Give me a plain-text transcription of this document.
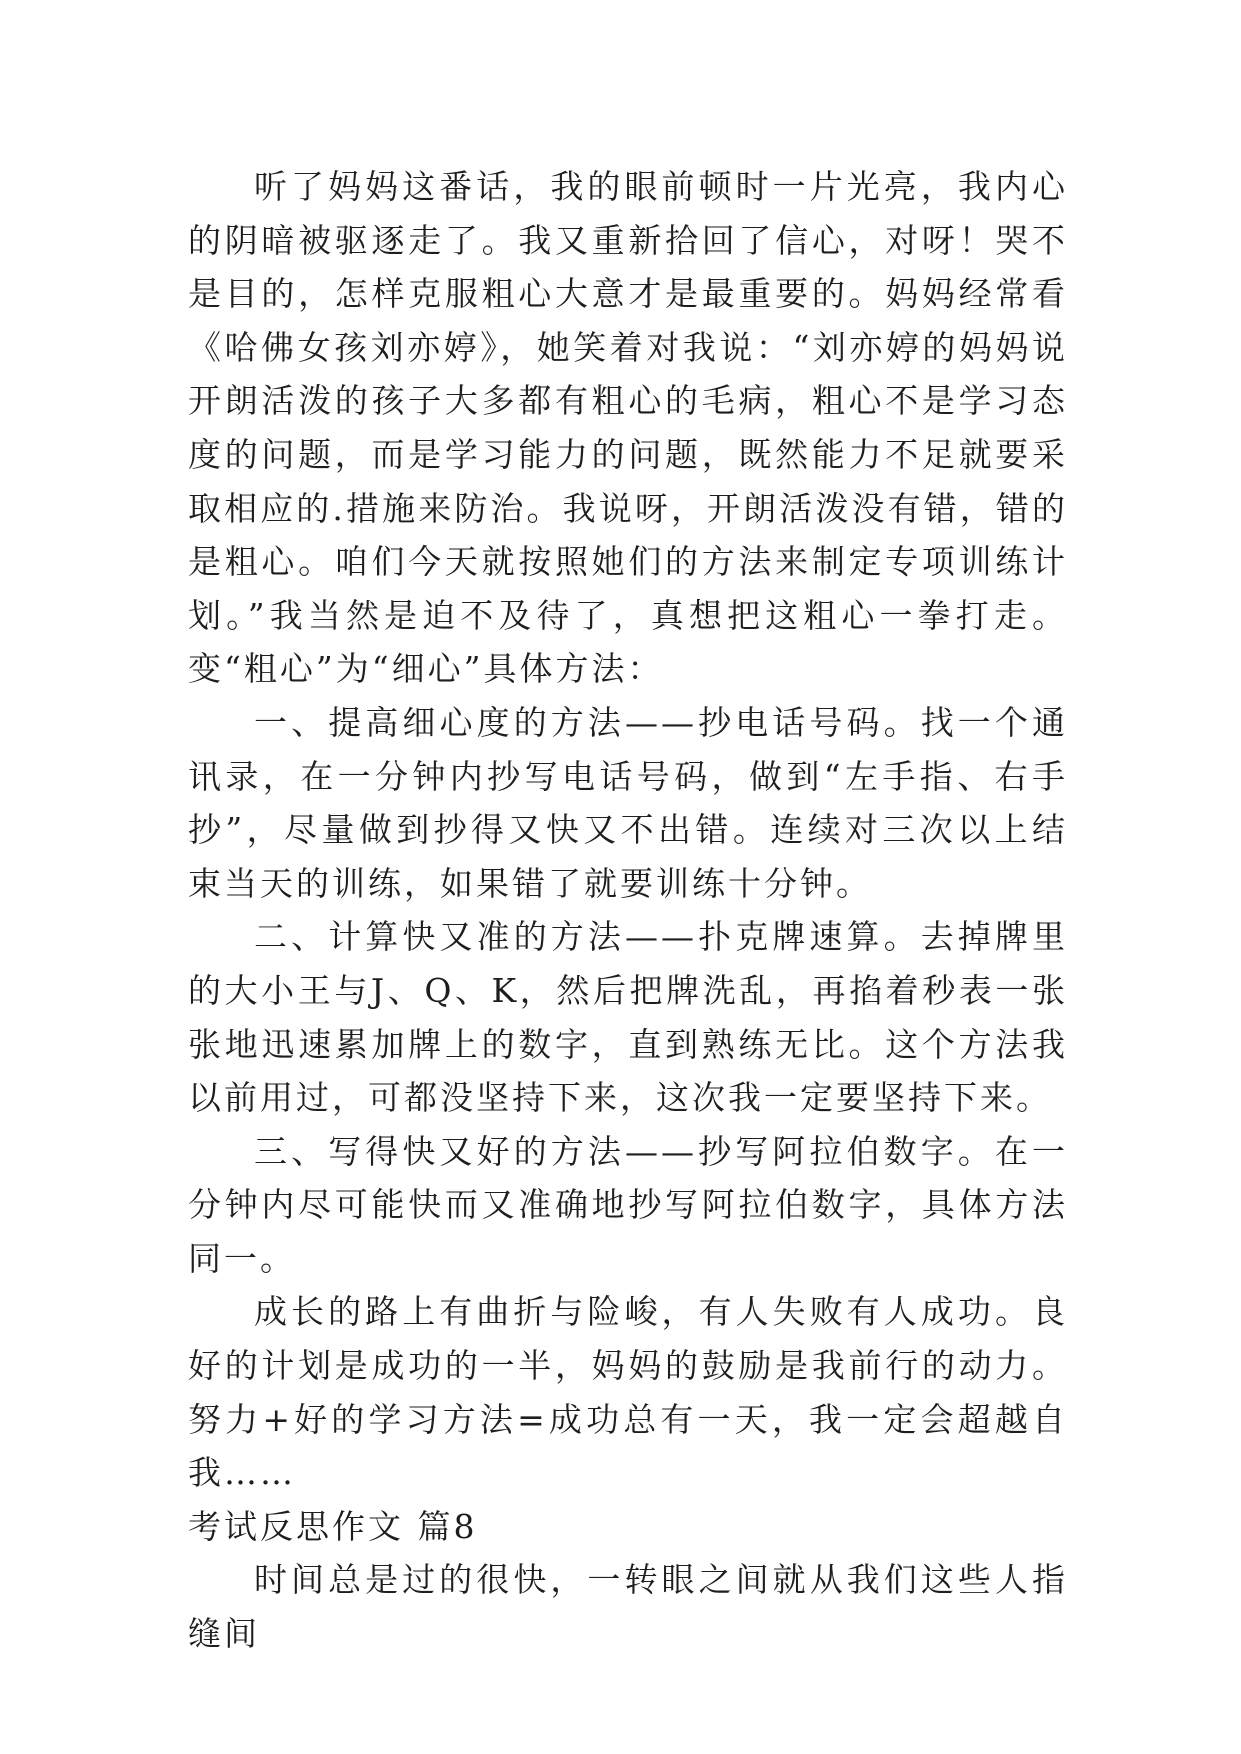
听了妈妈这番话，我的眼前顿时一片光亮，我内心的阴暗被驱逐走了。我又重新拾回了信心，对呀！哭不是目的，怎样克服粗心大意才是最重要的。妈妈经常看《哈佛女孩刘亦婷》，她笑着对我说：“刘亦婷的妈妈说开朗活泼的孩子大多都有粗心的毛病，粗心不是学习态度的问题，而是学习能力的问题，既然能力不足就要采取相应的.措施来防治。我说呀，开朗活泼没有错，错的是粗心。咱们今天就按照她们的方法来制定专项训练计划。”我当然是迫不及待了，真想把这粗心一拳打走。变“粗心”为“细心”具体方法：

一、提高细心度的方法——抄电话号码。找一个通讯录，在一分钟内抄写电话号码，做到“左手指、右手抄”，尽量做到抄得又快又不出错。连续对三次以上结束当天的训练，如果错了就要训练十分钟。

二、计算快又准的方法——扑克牌速算。去掉牌里的大小王与J、Q、K，然后把牌洗乱，再掐着秒表一张张地迅速累加牌上的数字，直到熟练无比。这个方法我以前用过，可都没坚持下来，这次我一定要坚持下来。

三、写得快又好的方法——抄写阿拉伯数字。在一分钟内尽可能快而又准确地抄写阿拉伯数字，具体方法同一。

成长的路上有曲折与险峻，有人失败有人成功。良好的计划是成功的一半，妈妈的鼓励是我前行的动力。努力+好的学习方法=成功总有一天，我一定会超越自我……

考试反思作文 篇8

时间总是过的很快，一转眼之间就从我们这些人指缝间
